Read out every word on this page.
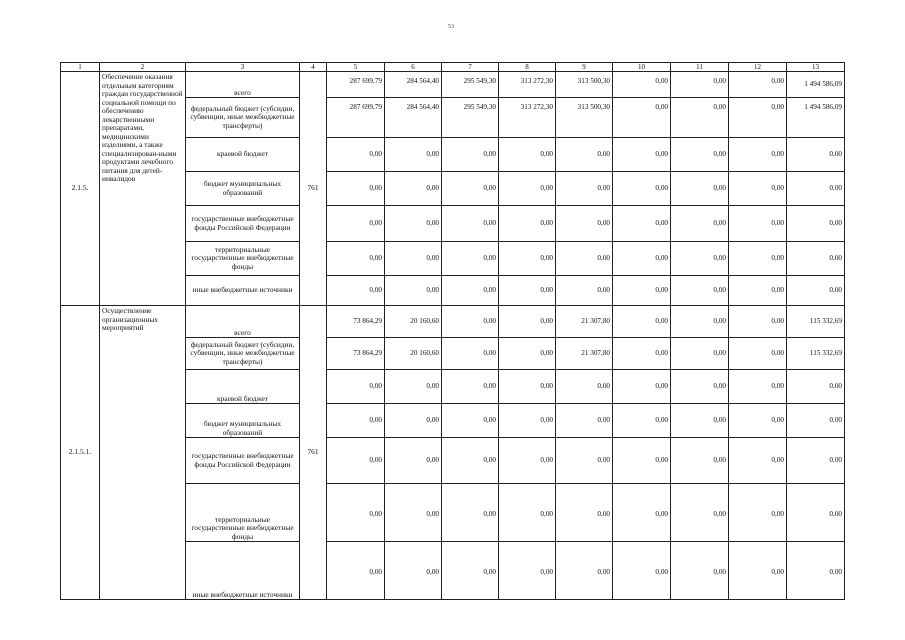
53
1	2	3	4	5	6	7	8	9	10	11	12	13
2.1.5.	Обеспечение оказания отдельным категориям граждан государственной социальной помощи по обеспечению лекарственными препаратами, медицинскими изделиями, а также специализирован-ными продуктами лечебного питания для детей-инвалидов	всего	761	287 699,79	284 564,40	295 549,30	313 272,30	313 500,30	0,00	0,00	0,00	1 494 586,09
		федеральный бюджет (субсидии, субвенции, иные межбюджетные трансферты)		287 699,79	284 564,40	295 549,30	313 272,30	313 500,30	0,00	0,00	0,00	1 494 586,09
		краевой бюджет		0,00	0,00	0,00	0,00	0,00	0,00	0,00	0,00	0,00
		бюджет муниципальных образований		0,00	0,00	0,00	0,00	0,00	0,00	0,00	0,00	0,00
		государственные внебюджетные фонды Российской Федерации		0,00	0,00	0,00	0,00	0,00	0,00	0,00	0,00	0,00
		территориальные государственные внебюджетные фонды		0,00	0,00	0,00	0,00	0,00	0,00	0,00	0,00	0,00
		иные внебюджетные источники		0,00	0,00	0,00	0,00	0,00	0,00	0,00	0,00	0,00
2.1.5.1.	Осуществление организационных мероприятий	всего	761	73 864,29	20 160,60	0,00	0,00	21 307,80	0,00	0,00	0,00	115 332,69
		федеральный бюджет (субсидии, субвенции, иные межбюджетные трансферты)		73 864,29	20 160,60	0,00	0,00	21 307,80	0,00	0,00	0,00	115 332,69
		краевой бюджет		0,00	0,00	0,00	0,00	0,00	0,00	0,00	0,00	0,00
		бюджет муниципальных образований		0,00	0,00	0,00	0,00	0,00	0,00	0,00	0,00	0,00
		государственные внебюджетные фонды Российской Федерации		0,00	0,00	0,00	0,00	0,00	0,00	0,00	0,00	0,00
		территориальные государственные внебюджетные фонды		0,00	0,00	0,00	0,00	0,00	0,00	0,00	0,00	0,00
		иные внебюджетные источники		0,00	0,00	0,00	0,00	0,00	0,00	0,00	0,00	0,00
